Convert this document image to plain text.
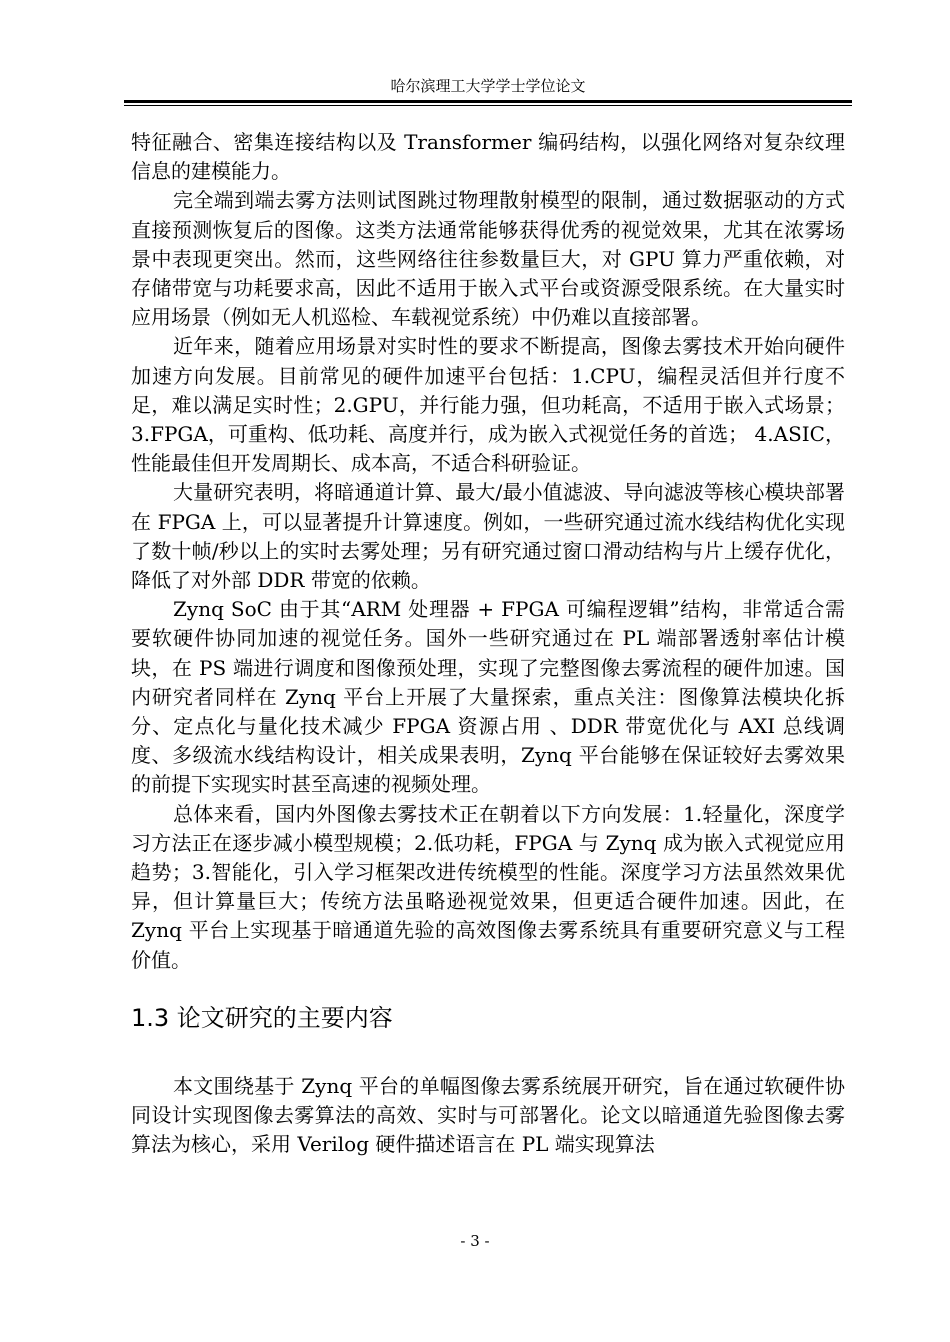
哈尔滨理工大学学士学位论文

特征融合、密集连接结构以及 Transformer 编码结构，以强化网络对复杂纹理信息的建模能力。

完全端到端去雾方法则试图跳过物理散射模型的限制，通过数据驱动的方式直接预测恢复后的图像。这类方法通常能够获得优秀的视觉效果，尤其在浓雾场景中表现更突出。然而，这些网络往往参数量巨大，对 GPU 算力严重依赖，对存储带宽与功耗要求高，因此不适用于嵌入式平台或资源受限系统。在大量实时应用场景（例如无人机巡检、车载视觉系统）中仍难以直接部署。

近年来，随着应用场景对实时性的要求不断提高，图像去雾技术开始向硬件加速方向发展。目前常见的硬件加速平台包括：1.CPU，编程灵活但并行度不足，难以满足实时性；2.GPU，并行能力强，但功耗高，不适用于嵌入式场景；3.FPGA，可重构、低功耗、高度并行，成为嵌入式视觉任务的首选； 4.ASIC，性能最佳但开发周期长、成本高，不适合科研验证。

大量研究表明，将暗通道计算、最大/最小值滤波、导向滤波等核心模块部署在 FPGA 上，可以显著提升计算速度。例如，一些研究通过流水线结构优化实现了数十帧/秒以上的实时去雾处理；另有研究通过窗口滑动结构与片上缓存优化，降低了对外部 DDR 带宽的依赖。

Zynq SoC 由于其“ARM 处理器 + FPGA 可编程逻辑”结构，非常适合需要软硬件协同加速的视觉任务。国外一些研究通过在 PL 端部署透射率估计模块，在 PS 端进行调度和图像预处理，实现了完整图像去雾流程的硬件加速。国内研究者同样在 Zynq 平台上开展了大量探索，重点关注：图像算法模块化拆分、定点化与量化技术减少 FPGA 资源占用 、DDR 带宽优化与 AXI 总线调度、多级流水线结构设计，相关成果表明，Zynq 平台能够在保证较好去雾效果的前提下实现实时甚至高速的视频处理。

总体来看，国内外图像去雾技术正在朝着以下方向发展：1.轻量化，深度学习方法正在逐步减小模型规模；2.低功耗，FPGA 与 Zynq 成为嵌入式视觉应用趋势；3.智能化，引入学习框架改进传统模型的性能。深度学习方法虽然效果优异，但计算量巨大；传统方法虽略逊视觉效果，但更适合硬件加速。因此，在 Zynq 平台上实现基于暗通道先验的高效图像去雾系统具有重要研究意义与工程价值。

1.3 论文研究的主要内容

本文围绕基于 Zynq 平台的单幅图像去雾系统展开研究，旨在通过软硬件协同设计实现图像去雾算法的高效、实时与可部署化。论文以暗通道先验图像去雾算法为核心，采用 Verilog 硬件描述语言在 PL 端实现算法

- 3 -
